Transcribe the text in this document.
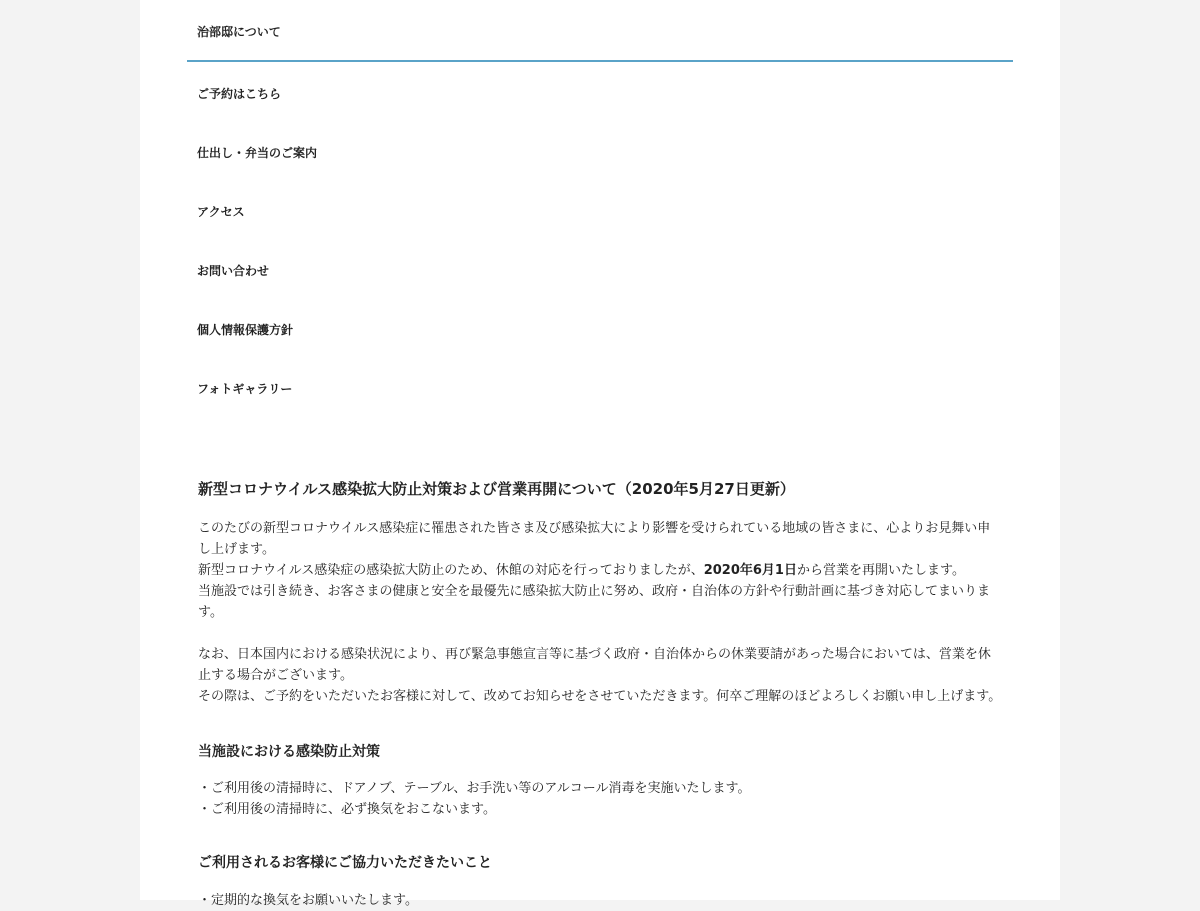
治部邸について
ご予約はこちら
仕出し・弁当のご案内
アクセス
お問い合わせ
個人情報保護方針
フォトギャラリー
新型コロナウイルス感染拡大防止対策および営業再開について（2020年5月27日更新）
このたびの新型コロナウイルス感染症に罹患された皆さま及び感染拡大により影響を受けられている地域の皆さまに、心よりお見舞い申し上げます。
新型コロナウイルス感染症の感染拡大防止のため、休館の対応を行っておりましたが、2020年6月1日から営業を再開いたします。
当施設では引き続き、お客さまの健康と安全を最優先に感染拡大防止に努め、政府・自治体の方針や行動計画に基づき対応してまいります。
なお、日本国内における感染状況により、再び緊急事態宣言等に基づく政府・自治体からの休業要請があった場合においては、営業を休止する場合がございます。
その際は、ご予約をいただいたお客様に対して、改めてお知らせをさせていただきます。何卒ご理解のほどよろしくお願い申し上げます。
当施設における感染防止対策
・ご利用後の清掃時に、ドアノブ、テーブル、お手洗い等のアルコール消毒を実施いたします。
・ご利用後の清掃時に、必ず換気をおこないます。
ご利用されるお客様にご協力いただきたいこと
・定期的な換気をお願いいたします。
